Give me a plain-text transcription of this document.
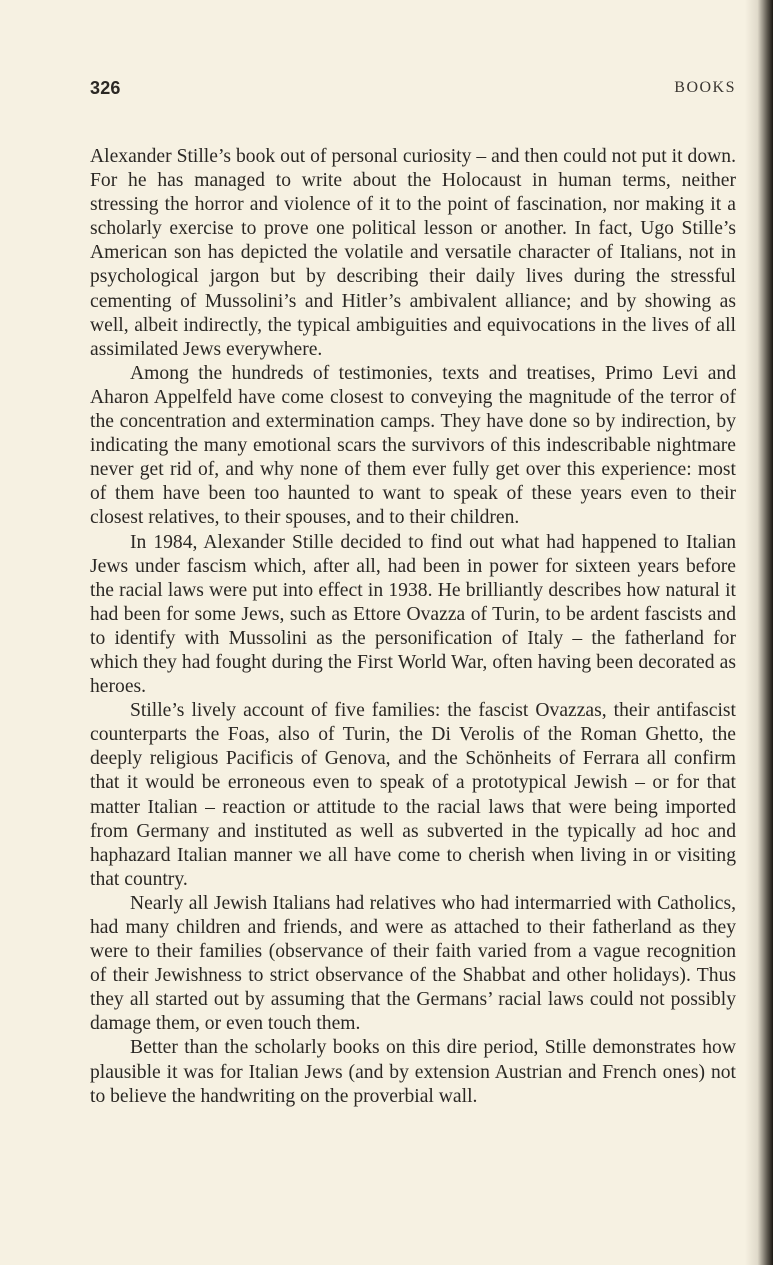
326	BOOKS

Alexander Stille’s book out of personal curiosity – and then could not put it down. For he has managed to write about the Holocaust in human terms, neither stressing the horror and violence of it to the point of fascination, nor making it a scholarly exercise to prove one political lesson or another. In fact, Ugo Stille’s American son has depicted the volatile and versatile character of Italians, not in psychological jargon but by describing their daily lives during the stressful cementing of Mussolini’s and Hitler’s ambivalent alliance; and by showing as well, albeit indirectly, the typical ambiguities and equivocations in the lives of all assimilated Jews everywhere.

Among the hundreds of testimonies, texts and treatises, Primo Levi and Aharon Appelfeld have come closest to conveying the magnitude of the terror of the concentration and extermination camps. They have done so by indirection, by indicating the many emotional scars the survivors of this indescribable nightmare never get rid of, and why none of them ever fully get over this experience: most of them have been too haunted to want to speak of these years even to their closest relatives, to their spouses, and to their children.

In 1984, Alexander Stille decided to find out what had happened to Italian Jews under fascism which, after all, had been in power for sixteen years before the racial laws were put into effect in 1938. He brilliantly describes how natural it had been for some Jews, such as Ettore Ovazza of Turin, to be ardent fascists and to identify with Mussolini as the personification of Italy – the fatherland for which they had fought during the First World War, often having been decorated as heroes.

Stille’s lively account of five families: the fascist Ovazzas, their antifascist counterparts the Foas, also of Turin, the Di Verolis of the Roman Ghetto, the deeply religious Pacificis of Genova, and the Schönheits of Ferrara all confirm that it would be erroneous even to speak of a prototypical Jewish – or for that matter Italian – reaction or attitude to the racial laws that were being imported from Germany and instituted as well as subverted in the typically ad hoc and haphazard Italian manner we all have come to cherish when living in or visiting that country.

Nearly all Jewish Italians had relatives who had intermarried with Catholics, had many children and friends, and were as attached to their fatherland as they were to their families (observance of their faith varied from a vague recognition of their Jewishness to strict observance of the Shabbat and other holidays). Thus they all started out by assuming that the Germans’ racial laws could not possibly damage them, or even touch them.

Better than the scholarly books on this dire period, Stille demonstrates how plausible it was for Italian Jews (and by extension Austrian and French ones) not to believe the handwriting on the proverbial wall.
